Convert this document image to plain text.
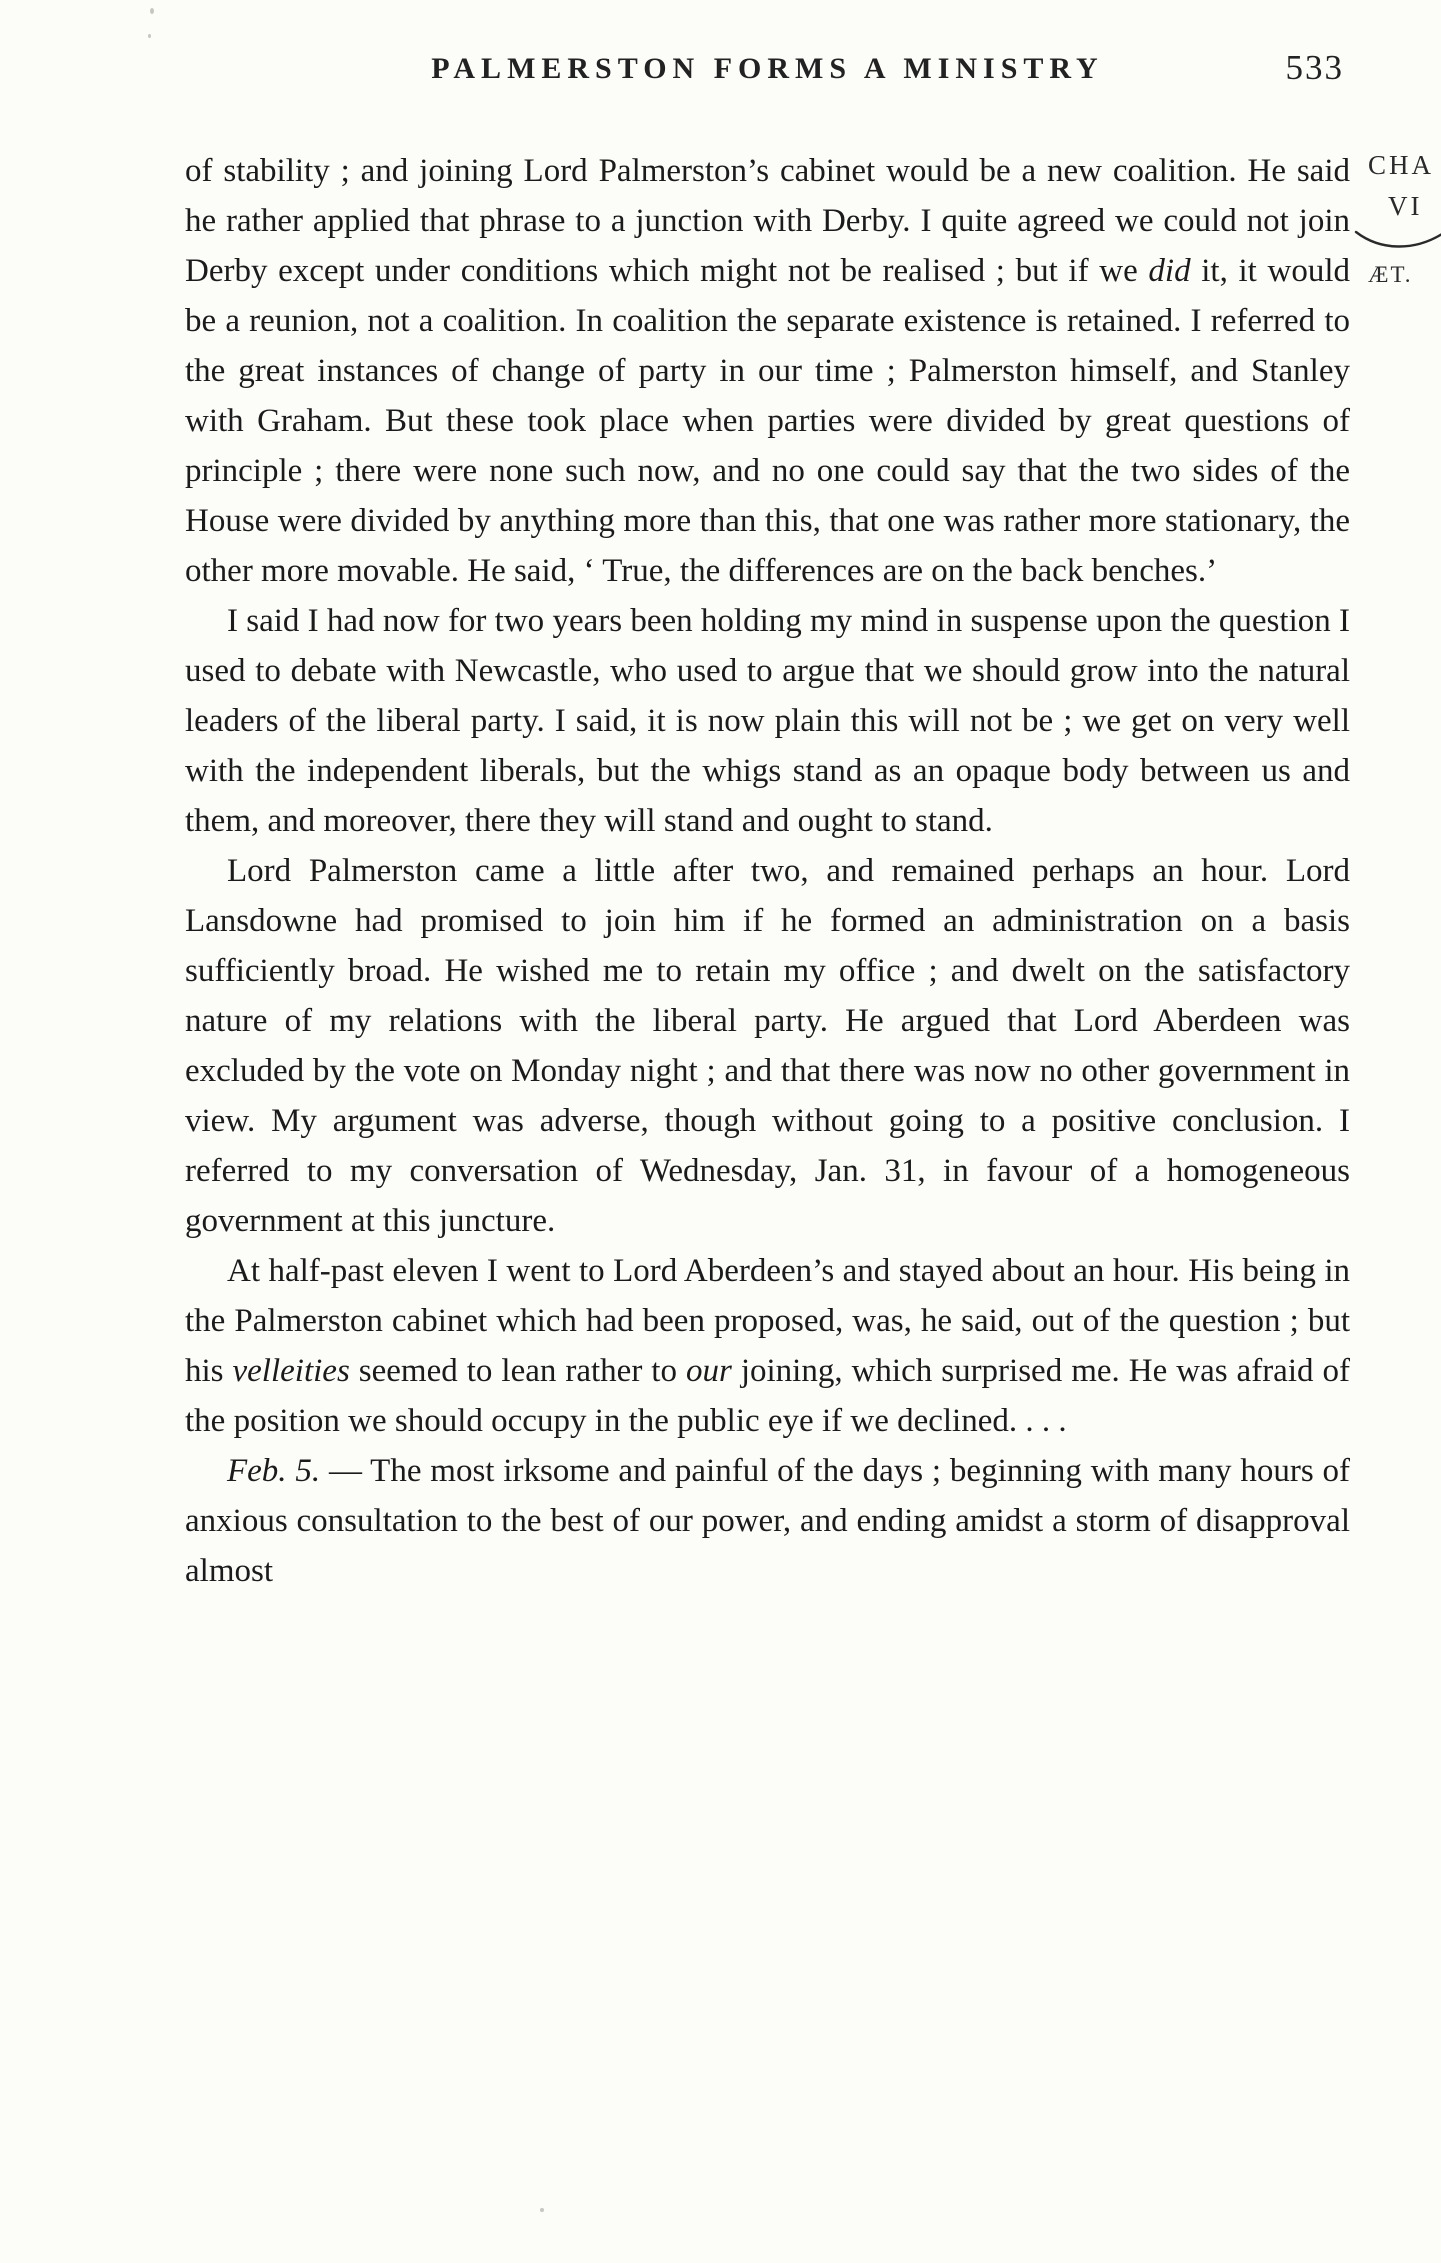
PALMERSTON FORMS A MINISTRY	533
CHA
VI
ÆT.

of stability ; and joining Lord Palmerston’s cabinet would be a new coalition. He said he rather applied that phrase to a junction with Derby. I quite agreed we could not join Derby except under conditions which might not be realised ; but if we did it, it would be a reunion, not a coalition. In coalition the separate existence is retained. I referred to the great instances of change of party in our time ; Palmerston himself, and Stanley with Graham. But these took place when parties were divided by great questions of principle ; there were none such now, and no one could say that the two sides of the House were divided by anything more than this, that one was rather more stationary, the other more movable. He said, ‘ True, the differences are on the back benches.’

I said I had now for two years been holding my mind in suspense upon the question I used to debate with Newcastle, who used to argue that we should grow into the natural leaders of the liberal party. I said, it is now plain this will not be ; we get on very well with the independent liberals, but the whigs stand as an opaque body between us and them, and moreover, there they will stand and ought to stand.

Lord Palmerston came a little after two, and remained perhaps an hour. Lord Lansdowne had promised to join him if he formed an administration on a basis sufficiently broad. He wished me to retain my office ; and dwelt on the satisfactory nature of my relations with the liberal party. He argued that Lord Aberdeen was excluded by the vote on Monday night ; and that there was now no other government in view. My argument was adverse, though without going to a positive conclusion. I referred to my conversation of Wednesday, Jan. 31, in favour of a homogeneous government at this juncture.

At half-past eleven I went to Lord Aberdeen’s and stayed about an hour. His being in the Palmerston cabinet which had been proposed, was, he said, out of the question ; but his velleities seemed to lean rather to our joining, which surprised me. He was afraid of the position we should occupy in the public eye if we declined. . . .

Feb. 5. — The most irksome and painful of the days ; beginning with many hours of anxious consultation to the best of our power, and ending amidst a storm of disapproval almost
